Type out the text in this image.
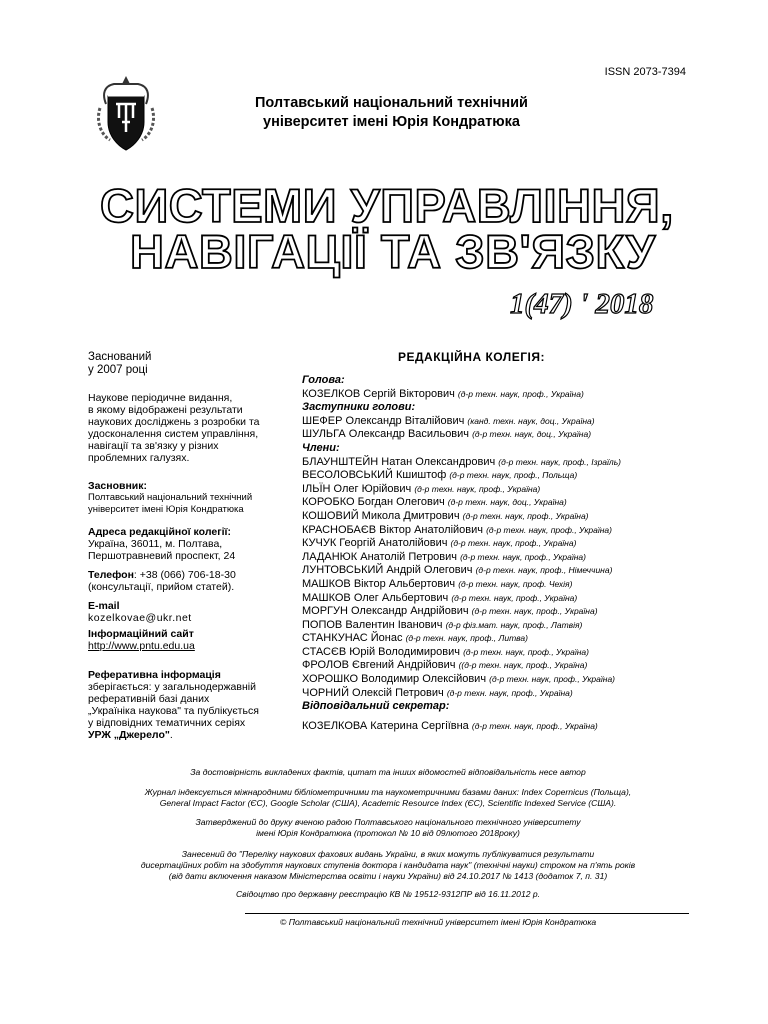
ISSN 2073-7394
Полтавський національний технічний
університет імені Юрія Кондратюка
СИСТЕМИ УПРАВЛІННЯ,
НАВІГАЦІЇ ТА ЗВ'ЯЗКУ
1(47) ' 2018
Заснований
у 2007 році
Наукове періодичне видання,
в якому відображені результати
наукових досліджень з розробки та
удосконалення систем управління,
навігації та зв'язку у різних
проблемних галузях.
Засновник:
Полтавський національний технічний
університет імені Юрія Кондратюка
Адреса редакційної колегії:
Україна, 36011, м. Полтава,
Першотравневий проспект, 24
Телефон: +38 (066) 706-18-30
(консультації, прийом статей).
E-mail
kozelkovae@ukr.net
Інформаційний сайт
http://www.pntu.edu.ua
Реферативна інформація
зберігається: у загальнодержавній
реферативній базі даних
„Україніка наукова" та публікується
у відповідних тематичних серіях
УРЖ „Джерело".
РЕДАКЦІЙНА КОЛЕГІЯ:
Голова:
КОЗЕЛКОВ Сергій Вікторович (д-р техн. наук, проф., Україна)
Заступники голови:
ШЕФЕР Олександр Віталійович (канд. техн. наук, доц., Україна)
ШУЛЬГА Олександр Васильович (д-р техн. наук, доц., Україна)
Члени:
БЛАУНШТЕЙН Натан Олександрович (д-р техн. наук, проф., Ізраїль)
ВЕСОЛОВСЬКИЙ Кшиштоф (д-р техн. наук, проф., Польща)
ІЛЬЇН Олег Юрійович (д-р техн. наук, проф., Україна)
КОРОБКО Богдан Олегович (д-р техн. наук, доц., Україна)
КОШОВИЙ Микола Дмитрович (д-р техн. наук, проф., Україна)
КРАСНОБАЄВ Віктор Анатолійович (д-р техн. наук, проф., Україна)
КУЧУК Георгій Анатолійович (д-р техн. наук, проф., Україна)
ЛАДАНЮК Анатолій Петрович (д-р техн. наук, проф., Україна)
ЛУНТОВСЬКИЙ Андрій Олегович (д-р техн. наук, проф., Німеччина)
МАШКОВ Віктор Альбертович (д-р техн. наук, проф. Чехія)
МАШКОВ Олег Альбертович (д-р техн. наук, проф., Україна)
МОРГУН Олександр Андрійович (д-р техн. наук, проф., Україна)
ПОПОВ Валентин Іванович (д-р фіз.мат. наук, проф., Латвія)
СТАНКУНАС Йонас (д-р техн. наук, проф., Литва)
СТАСЄВ Юрій Володимирович (д-р техн. наук, проф., Україна)
ФРОЛОВ Євгений Андрійович ((д-р техн. наук, проф., Україна)
ХОРОШКО Володимир Олексійович (д-р техн. наук, проф., Україна)
ЧОРНИЙ Олексій Петрович (д-р техн. наук, проф., Україна)
Відповідальний секретар:
КОЗЕЛКОВА Катерина Сергіївна (д-р техн. наук, проф., Україна)
За достовірність викладених фактів, цитат та інших відомостей відповідальність несе автор
Журнал індексується міжнародними бібліометричними та наукометричними базами даних: Index Copernicus (Польща),
General Impact Factor (ЄС), Google Scholar (США), Academic Resource Index (ЄС), Scientific Indexed Service (США).
Затверджений до друку вченою радою Полтавського національного технічного університету
імені Юрія Кондратюка (протокол № 10 від 09лютого 2018року)
Занесений до "Переліку наукових фахових видань України, в яких можуть публікуватися результати
дисертаційних робіт на здобуття наукових ступенів доктора і кандидата наук" (технічні науки) строком на п'ять років
(від дати включення наказом Міністерства освіти і науки України) від 24.10.2017 № 1413 (додаток 7, п. 31)
Свідоцтво про державну реєстрацію КВ № 19512-9312ПР від 16.11.2012 р.
© Полтавський національний технічний університет імені Юрія Кондратюка
